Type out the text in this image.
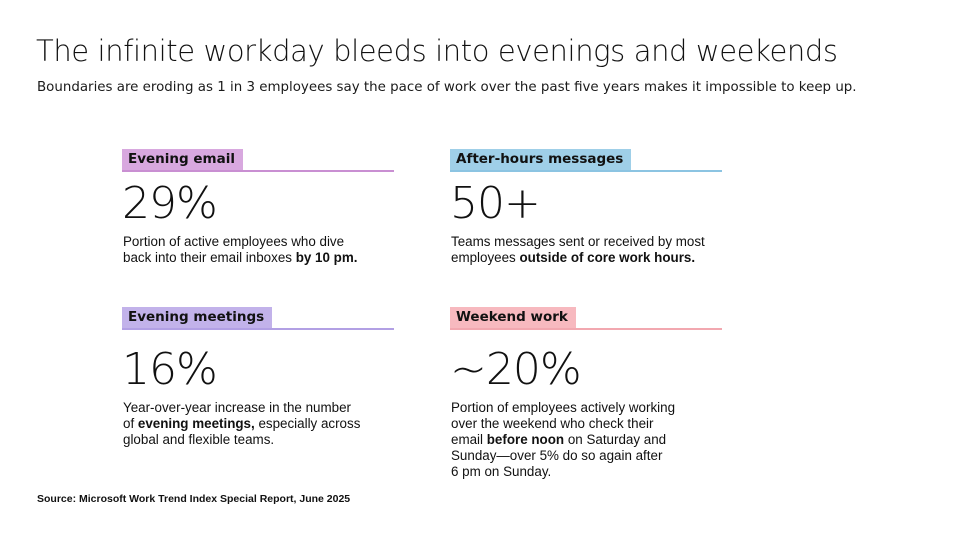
The infinite workday bleeds into evenings and weekends
Boundaries are eroding as 1 in 3 employees say the pace of work over the past five years makes it impossible to keep up.
Evening email
29%
Portion of active employees who dive
back into their email inboxes by 10 pm.
After-hours messages
50+
Teams messages sent or received by most
employees outside of core work hours.
Evening meetings
16%
Year-over-year increase in the number
of evening meetings, especially across
global and flexible teams.
Weekend work
~20%
Portion of employees actively working
over the weekend who check their
email before noon on Saturday and
Sunday—over 5% do so again after
6 pm on Sunday.
Source: Microsoft Work Trend Index Special Report, June 2025
